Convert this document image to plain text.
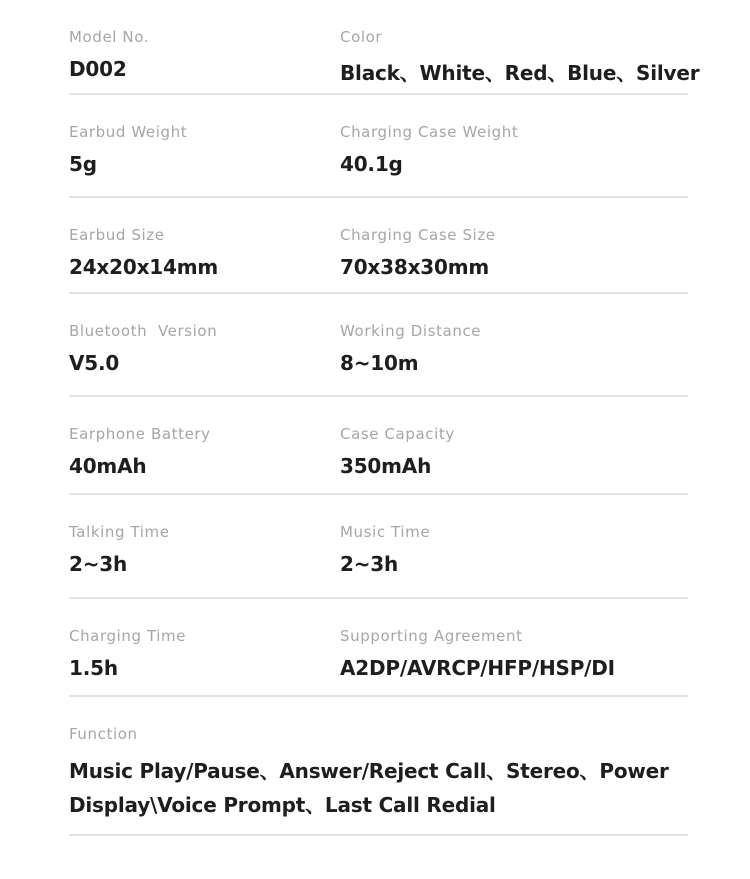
Model No.
D002
Color
Black、White、Red、Blue、Silver
Earbud Weight
5g
Charging Case Weight
40.1g
Earbud Size
24x20x14mm
Charging Case Size
70x38x30mm
Bluetooth  Version
V5.0
Working Distance
8~10m
Earphone Battery
40mAh
Case Capacity
350mAh
Talking Time
2~3h
Music Time
2~3h
Charging Time
1.5h
Supporting Agreement
A2DP/AVRCP/HFP/HSP/DI
Function
Music Play/Pause、Answer/Reject Call、Stereo、Power Display\Voice Prompt、Last Call Redial
